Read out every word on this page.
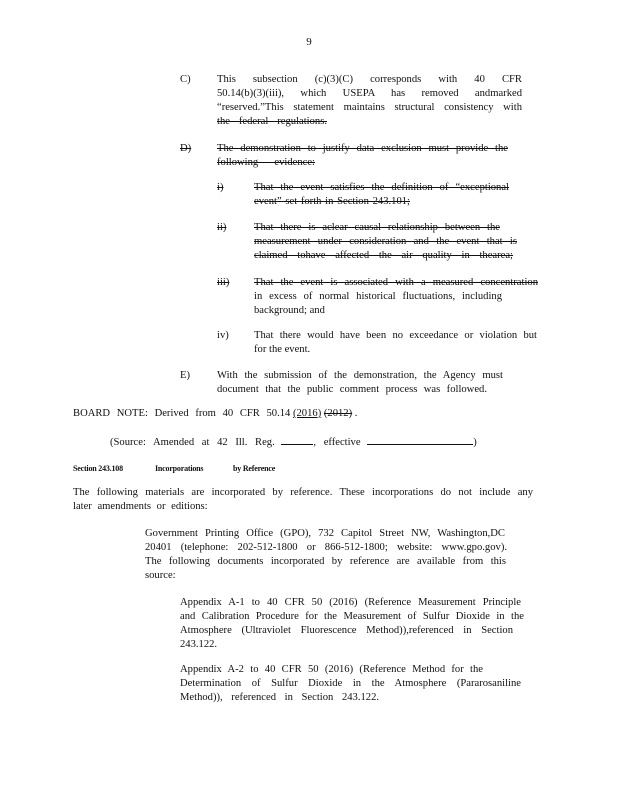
9
C) This subsection (c)(3)(C) corresponds with 40 CFR
50.14(b)(3)(iii), which USEPA has removed andmarked
“reserved.”This statement maintains structural consistency with
the federal regulations.
D)	The demonstration to justify data exclusion must provide the
following evidence:
i)	That the event satisfies the definition of “exceptional
event” set forth in Section 243.101;
ii)	That there is aclear causal relationship between the
measurement under consideration and the event that is
claimed tohave affected the air quality in thearea;
iii)	That the event is associated with a measured concentration
in excess of normal historical fluctuations, including
background; and
iv) That there would have been no exceedance or violation but
for the event.
E)	With the submission of the demonstration, the Agency must
document that the public comment process was followed.
BOARD NOTE: Derived from 40 CFR 50.14 (2016) (2012) .
(Source: Amended at 42 Ill. Reg.	, effective	)
Section 243.108	Incorporations	by Reference
The following materials are incorporated by reference. These incorporations do not include any
later amendments or editions:
Government Printing Office (GPO), 732 Capitol Street NW, Washington,DC
20401 (telephone: 202-512-1800 or 866-512-1800; website: www.gpo.gov).
The following documents incorporated by reference are available from this
source:
Appendix A-1 to 40 CFR 50 (2016) (Reference Measurement Principle
and Calibration Procedure for the Measurement of Sulfur Dioxide in the
Atmosphere (Ultraviolet Fluorescence Method)),referenced in Section
243.122.
Appendix A-2 to 40 CFR 50 (2016) (Reference Method for the
Determination of Sulfur Dioxide in the Atmosphere (Pararosaniline
Method)), referenced in Section 243.122.
